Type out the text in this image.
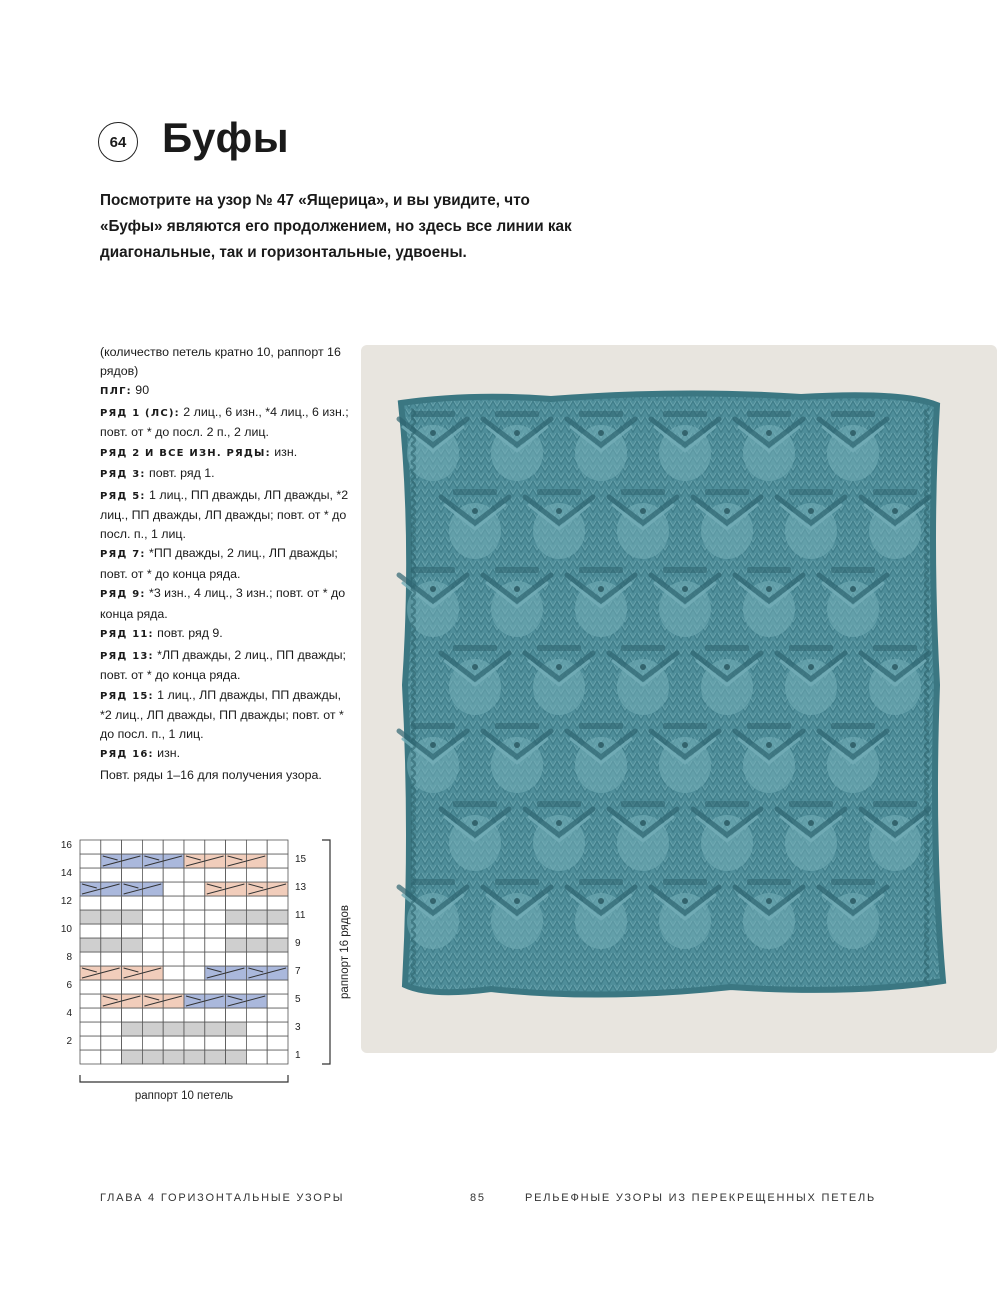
64 Буфы
Посмотрите на узор № 47 «Ящерица», и вы увидите, что
«Буфы» являются его продолжением, но здесь все линии как
диагональные, так и горизонтальные, удвоены.

(количество петель кратно 10, раппорт 16 рядов)

ПЛГ: 90

РЯД 1 (ЛС): 2 лиц., 6 изн., *4 лиц., 6 изн.; повт. от * до посл. 2 п., 2 лиц.

РЯД 2 И ВСЕ ИЗН. РЯДЫ: изн.

РЯД 3: повт. ряд 1.

РЯД 5: 1 лиц., ПП дважды, ЛП дважды, *2 лиц., ПП дважды, ЛП дважды; повт. от * до посл. п., 1 лиц.

РЯД 7: *ПП дважды, 2 лиц., ЛП дважды; повт. от * до конца ряда.

РЯД 9: *3 изн., 4 лиц., 3 изн.; повт. от * до конца ряда.

РЯД 11: повт. ряд 9.

РЯД 13: *ЛП дважды, 2 лиц., ПП дважды; повт. от * до конца ряда.

РЯД 15: 1 лиц., ЛП дважды, ПП дважды, *2 лиц., ЛП дважды, ПП дважды; повт. от * до посл. п., 1 лиц.

РЯД 16: изн.

Повт. ряды 1–16 для получения узора.

16
14
12
10
8
6
4
2
15
13
11
9
7
5
3
1
раппорт 16 рядов
раппорт 10 петель
ГЛАВА 4 ГОРИЗОНТАЛЬНЫЕ УЗОРЫ	85	РЕЛЬЕФНЫЕ УЗОРЫ ИЗ ПЕРЕКРЕЩЕННЫХ ПЕТЕЛЬ
